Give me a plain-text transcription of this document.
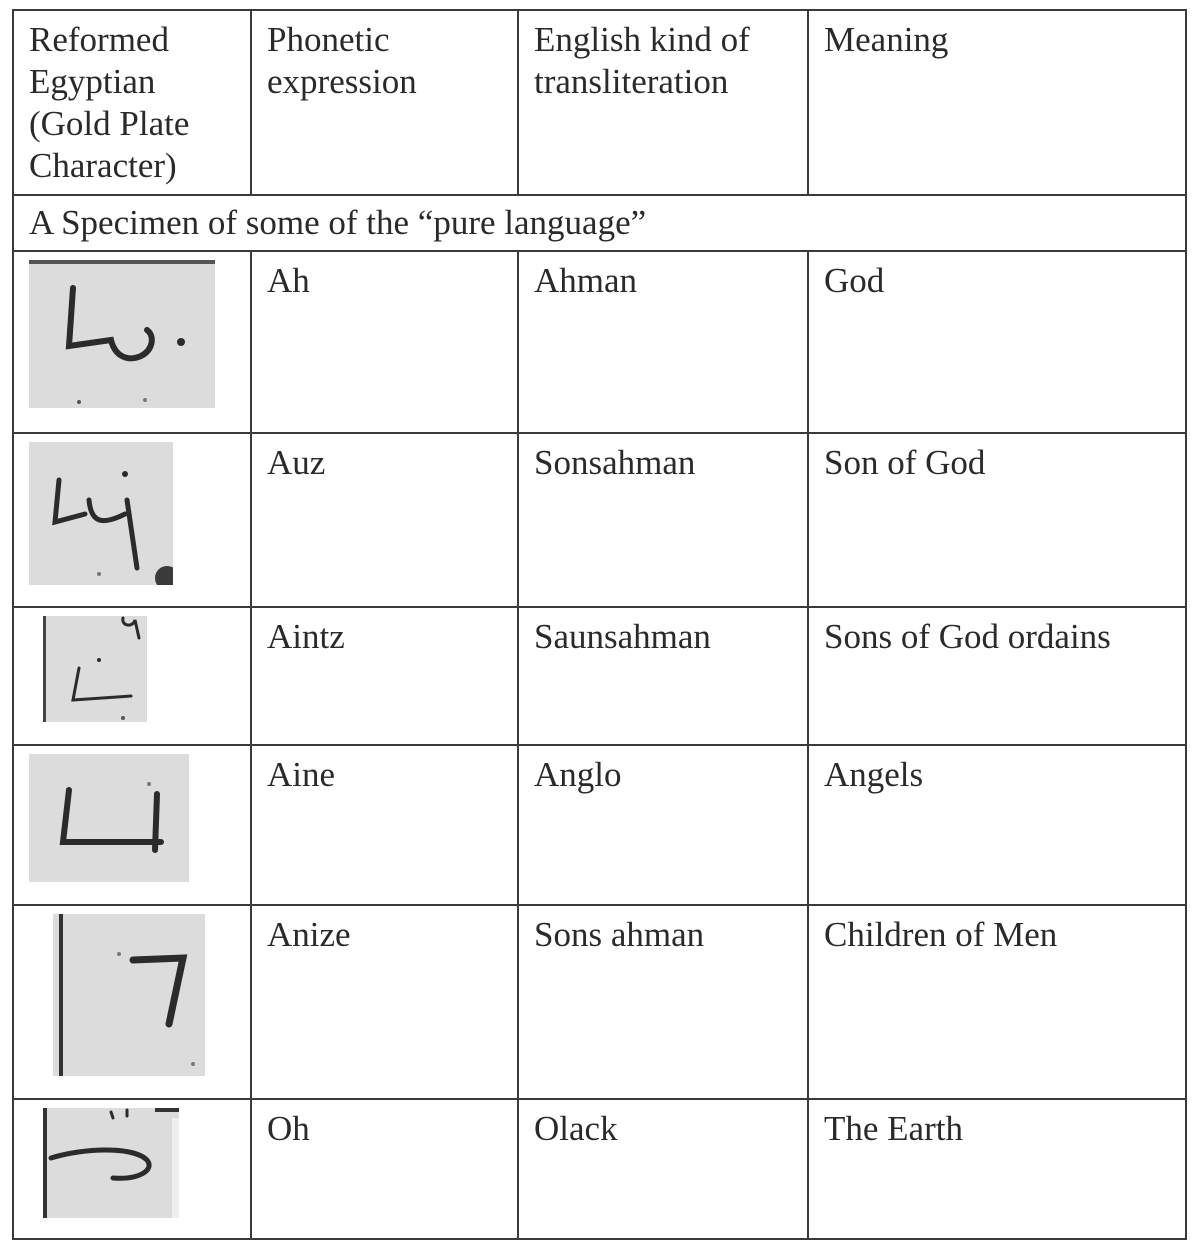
Reformed Egyptian (Gold Plate Character)	Phonetic expression	English kind of transliteration	Meaning
A Specimen of some of the “pure language”			

	Ah	Ahman	God

	Auz	Sonsahman	Son of God

	Aintz	Saunsahman	Sons of God ordains

	Aine	Anglo	Angels

	Anize	Sons ahman	Children of Men

	Oh	Olack	The Earth
